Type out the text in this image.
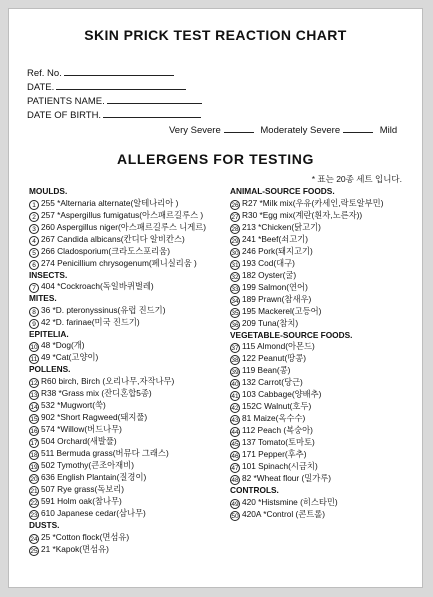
SKIN PRICK TEST REACTION CHART
Ref. No.
DATE.
PATIENTS NAME.
DATE OF BIRTH.
Very Severe	Moderately Severe	Mild
ALLERGENS FOR TESTING
* 표는 20종 세트 입니다.
MOULDS.
1 255 *Alternaria alternate(알테나리아 )
2 257 *Aspergillus fumigatus(아스패르길루스 )
3 260 Aspergillus niger(아스패르길루스 니게르)
4 267 Candida albicans(칸디다 알비칸스)
5 266 Cladosporium(크라도스포리움)
6 274 Penicillium chrysogenum(페니실리움 )
INSECTS.
7 404 *Cockroach(독일바퀴벌레)
MITES.
8 36 *D. pteronyssinus(유럽 진드기)
9 42 *D. farinae(미국 진드기)
EPITELIA.
10 48 *Dog(개)
11 49 *Cat(고양이)
POLLENS.
12 R60 birch, Birch (오리나무,자작나무)
13 R38 *Grass mix (잔디혼합5종)
14 532 *Mugwort(쑥)
15 902 *Short Ragweed(돼지풀)
16 574 *Willow(버드나무)
17 504 Orchard(새발풀)
18 511 Bermuda grass(버뮤다 그래스)
19 502 Tymothy(큰조아재비)
20 636 English Plantain(질경이)
21 507 Rye grass(독보리)
22 591 Holm oak(참나무)
23 610 Japanese cedar(삼나무)
DUSTS.
24 25 *Cotton flock(면섬유)
25 21 *Kapok(면섬유)
ANIMAL-SOURCE FOODS.
26 R27 *Milk mix(우유(카세인,락토알부민)
27 R30 *Egg mix(계란(흰자,노른자))
28 213 *Chicken(닭고기)
29 241 *Beef(쇠고기)
30 246 Pork(돼지고기)
31 193 Cod(대구)
32 182 Oyster(굴)
33 199 Salmon(연어)
34 189 Prawn(참새우)
35 195 Mackerel(고등어)
36 209 Tuna(참치)
VEGETABLE-SOURCE FOODS.
37 115 Almond(아몬드)
38 122 Peanut(땅콩)
39 119 Bean(콩)
40 132 Carrot(당근)
41 103 Cabbage(양배추)
42 152C Walnut(호두)
43 81 Maize(옥수수)
44 112 Peach (복숭아)
45 137 Tomato(토마토)
46 171 Pepper(후추)
47 101 Spinach(시금치)
48 82 *Wheat flour (밀가루)
CONTROLS.
49 420 *Histsmine (히스타민)
50 420A *Control (콘트롤)
